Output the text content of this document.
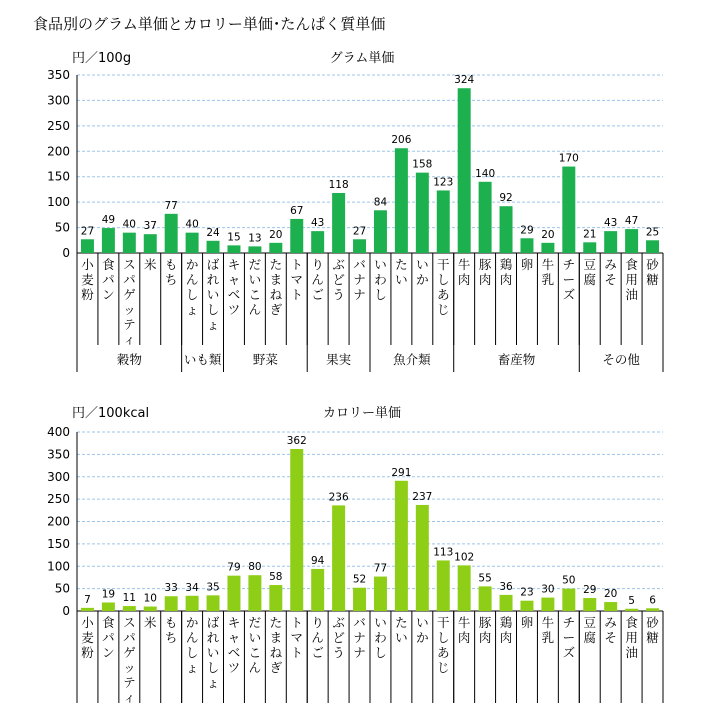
食品別のグラム単価とカロリー単価･たんぱく質単価
グラム単価
円／100g
0
50
100
150
200
250
300
350
27
小麦粉
49
食パン
40
スパゲッティ
37
米
77
もち
40
かんしょ
24
ばれいしょ
15
キャベツ
13
だいこん
20
たまねぎ
67
トマト
43
りんご
118
ぶどう
27
バナナ
84
いわし
206
たい
158
いか
123
干しあじ
324
牛肉
140
豚肉
92
鶏肉
29
卵
20
牛乳
170
チーズ
21
豆腐
43
みそ
47
食用油
25
砂糖
穀物	いも類	野菜	果実	魚介類	畜産物	その他
カロリー単価
円／100kcal
0
50
100
150
200
250
300
350
400
7
小麦粉
19
食パン
11
スパゲッティ
10
米
33
もち
34
かんしょ
35
ばれいしょ
79
キャベツ
80
だいこん
58
たまねぎ
362
トマト
94
りんご
236
ぶどう
52
バナナ
77
いわし
291
たい
237
いか
113
干しあじ
102
牛肉
55
豚肉
36
鶏肉
23
卵
30
牛乳
50
チーズ
29
豆腐
20
みそ
5
食用油
6
砂糖
